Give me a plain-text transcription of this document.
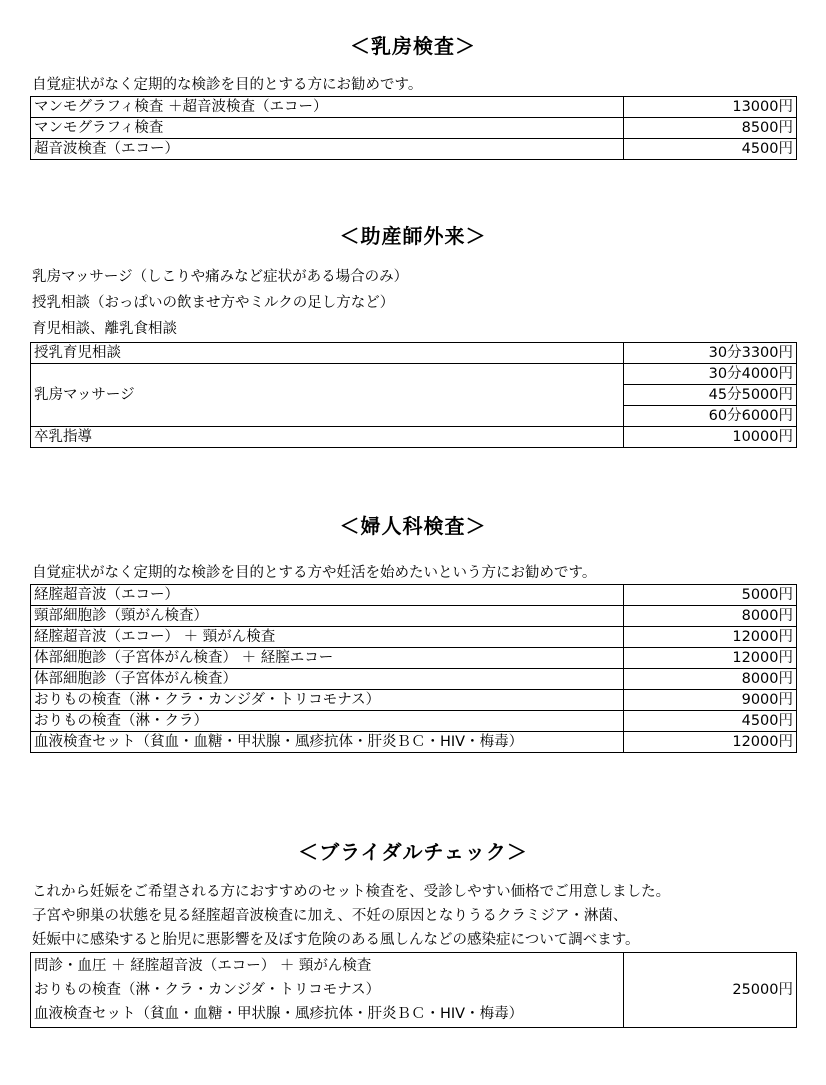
＜乳房検査＞
自覚症状がなく定期的な検診を目的とする方にお勧めです。
マンモグラフィ検査 ＋超音波検査（エコー）	13000円
マンモグラフィ検査	8500円
超音波検査（エコー）	4500円
＜助産師外来＞
乳房マッサージ（しこりや痛みなど症状がある場合のみ）
授乳相談（おっぱいの飲ませ方やミルクの足し方など）
育児相談、離乳食相談
授乳育児相談	30分3300円
乳房マッサージ	30分4000円
	45分5000円
	60分6000円
卒乳指導	10000円
＜婦人科検査＞
自覚症状がなく定期的な検診を目的とする方や妊活を始めたいという方にお勧めです。
経腟超音波（エコー）	5000円
頸部細胞診（頸がん検査）	8000円
経腟超音波（エコー） ＋ 頸がん検査	12000円
体部細胞診（子宮体がん検査） ＋ 経膣エコー	12000円
体部細胞診（子宮体がん検査）	8000円
おりもの検査（淋・クラ・カンジダ・トリコモナス）	9000円
おりもの検査（淋・クラ）	4500円
血液検査セット（貧血・血糖・甲状腺・風疹抗体・肝炎ＢＣ・HIV・梅毒）	12000円
＜ブライダルチェック＞
これから妊娠をご希望される方におすすめのセット検査を、受診しやすい価格でご用意しました。
子宮や卵巣の状態を見る経腟超音波検査に加え、不妊の原因となりうるクラミジア・淋菌、
妊娠中に感染すると胎児に悪影響を及ぼす危険のある風しんなどの感染症について調べます。
問診・血圧 ＋ 経腟超音波（エコー） ＋ 頸がん検査
おりもの検査（淋・クラ・カンジダ・トリコモナス）
血液検査セット（貧血・血糖・甲状腺・風疹抗体・肝炎ＢＣ・HIV・梅毒）
	25000円
